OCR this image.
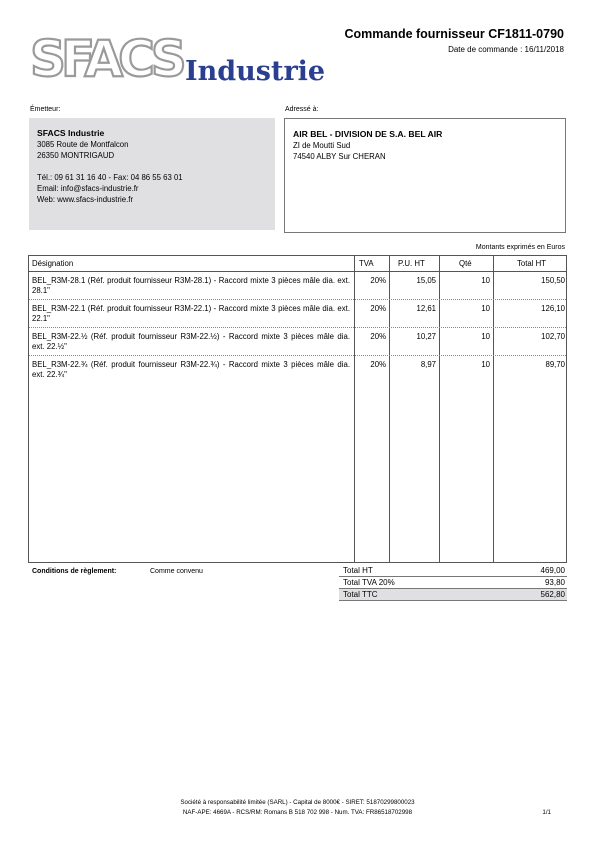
SFACS Industrie
Commande fournisseur CF1811-0790
Date de commande : 16/11/2018
Émetteur:
SFACS Industrie
3085 Route de Montfalcon
26350 MONTRIGAUD
Tél.: 09 61 31 16 40 - Fax: 04 86 55 63 01
Email: info@sfacs-industrie.fr
Web: www.sfacs-industrie.fr
Adressé à:
AIR BEL - DIVISION DE S.A. BEL AIR
ZI de Moutti Sud
74540 ALBY Sur CHERAN
Montants exprimés en Euros
Désignation	TVA	P.U. HT	Qté	Total HT
BEL_R3M-28.1 (Réf. produit fournisseur R3M-28.1) - Raccord mixte 3 pièces mâle dia. ext. 28.1"
20%	15,05	10	150,50
BEL_R3M-22.1 (Réf. produit fournisseur R3M-22.1) - Raccord mixte 3 pièces mâle dia. ext. 22.1"
20%	12,61	10	126,10
BEL_R3M-22.½ (Réf. produit fournisseur R3M-22.½) - Raccord mixte 3 pièces mâle dia. ext. 22.½"
20%	10,27	10	102,70
BEL_R3M-22.¾ (Réf. produit fournisseur R3M-22.¾) - Raccord mixte 3 pièces mâle dia. ext. 22.¾"
20%	8,97	10	89,70
Conditions de règlement:	Comme convenu	Total HT	469,00
Total TVA 20%	93,80
Total TTC	562,80
Société à responsabilité limitée (SARL) - Capital de 8000€ - SIRET: 51870299800023
NAF-APE: 4669A - RCS/RM: Romans B 518 702 998 - Num. TVA: FR86518702998	1/1
